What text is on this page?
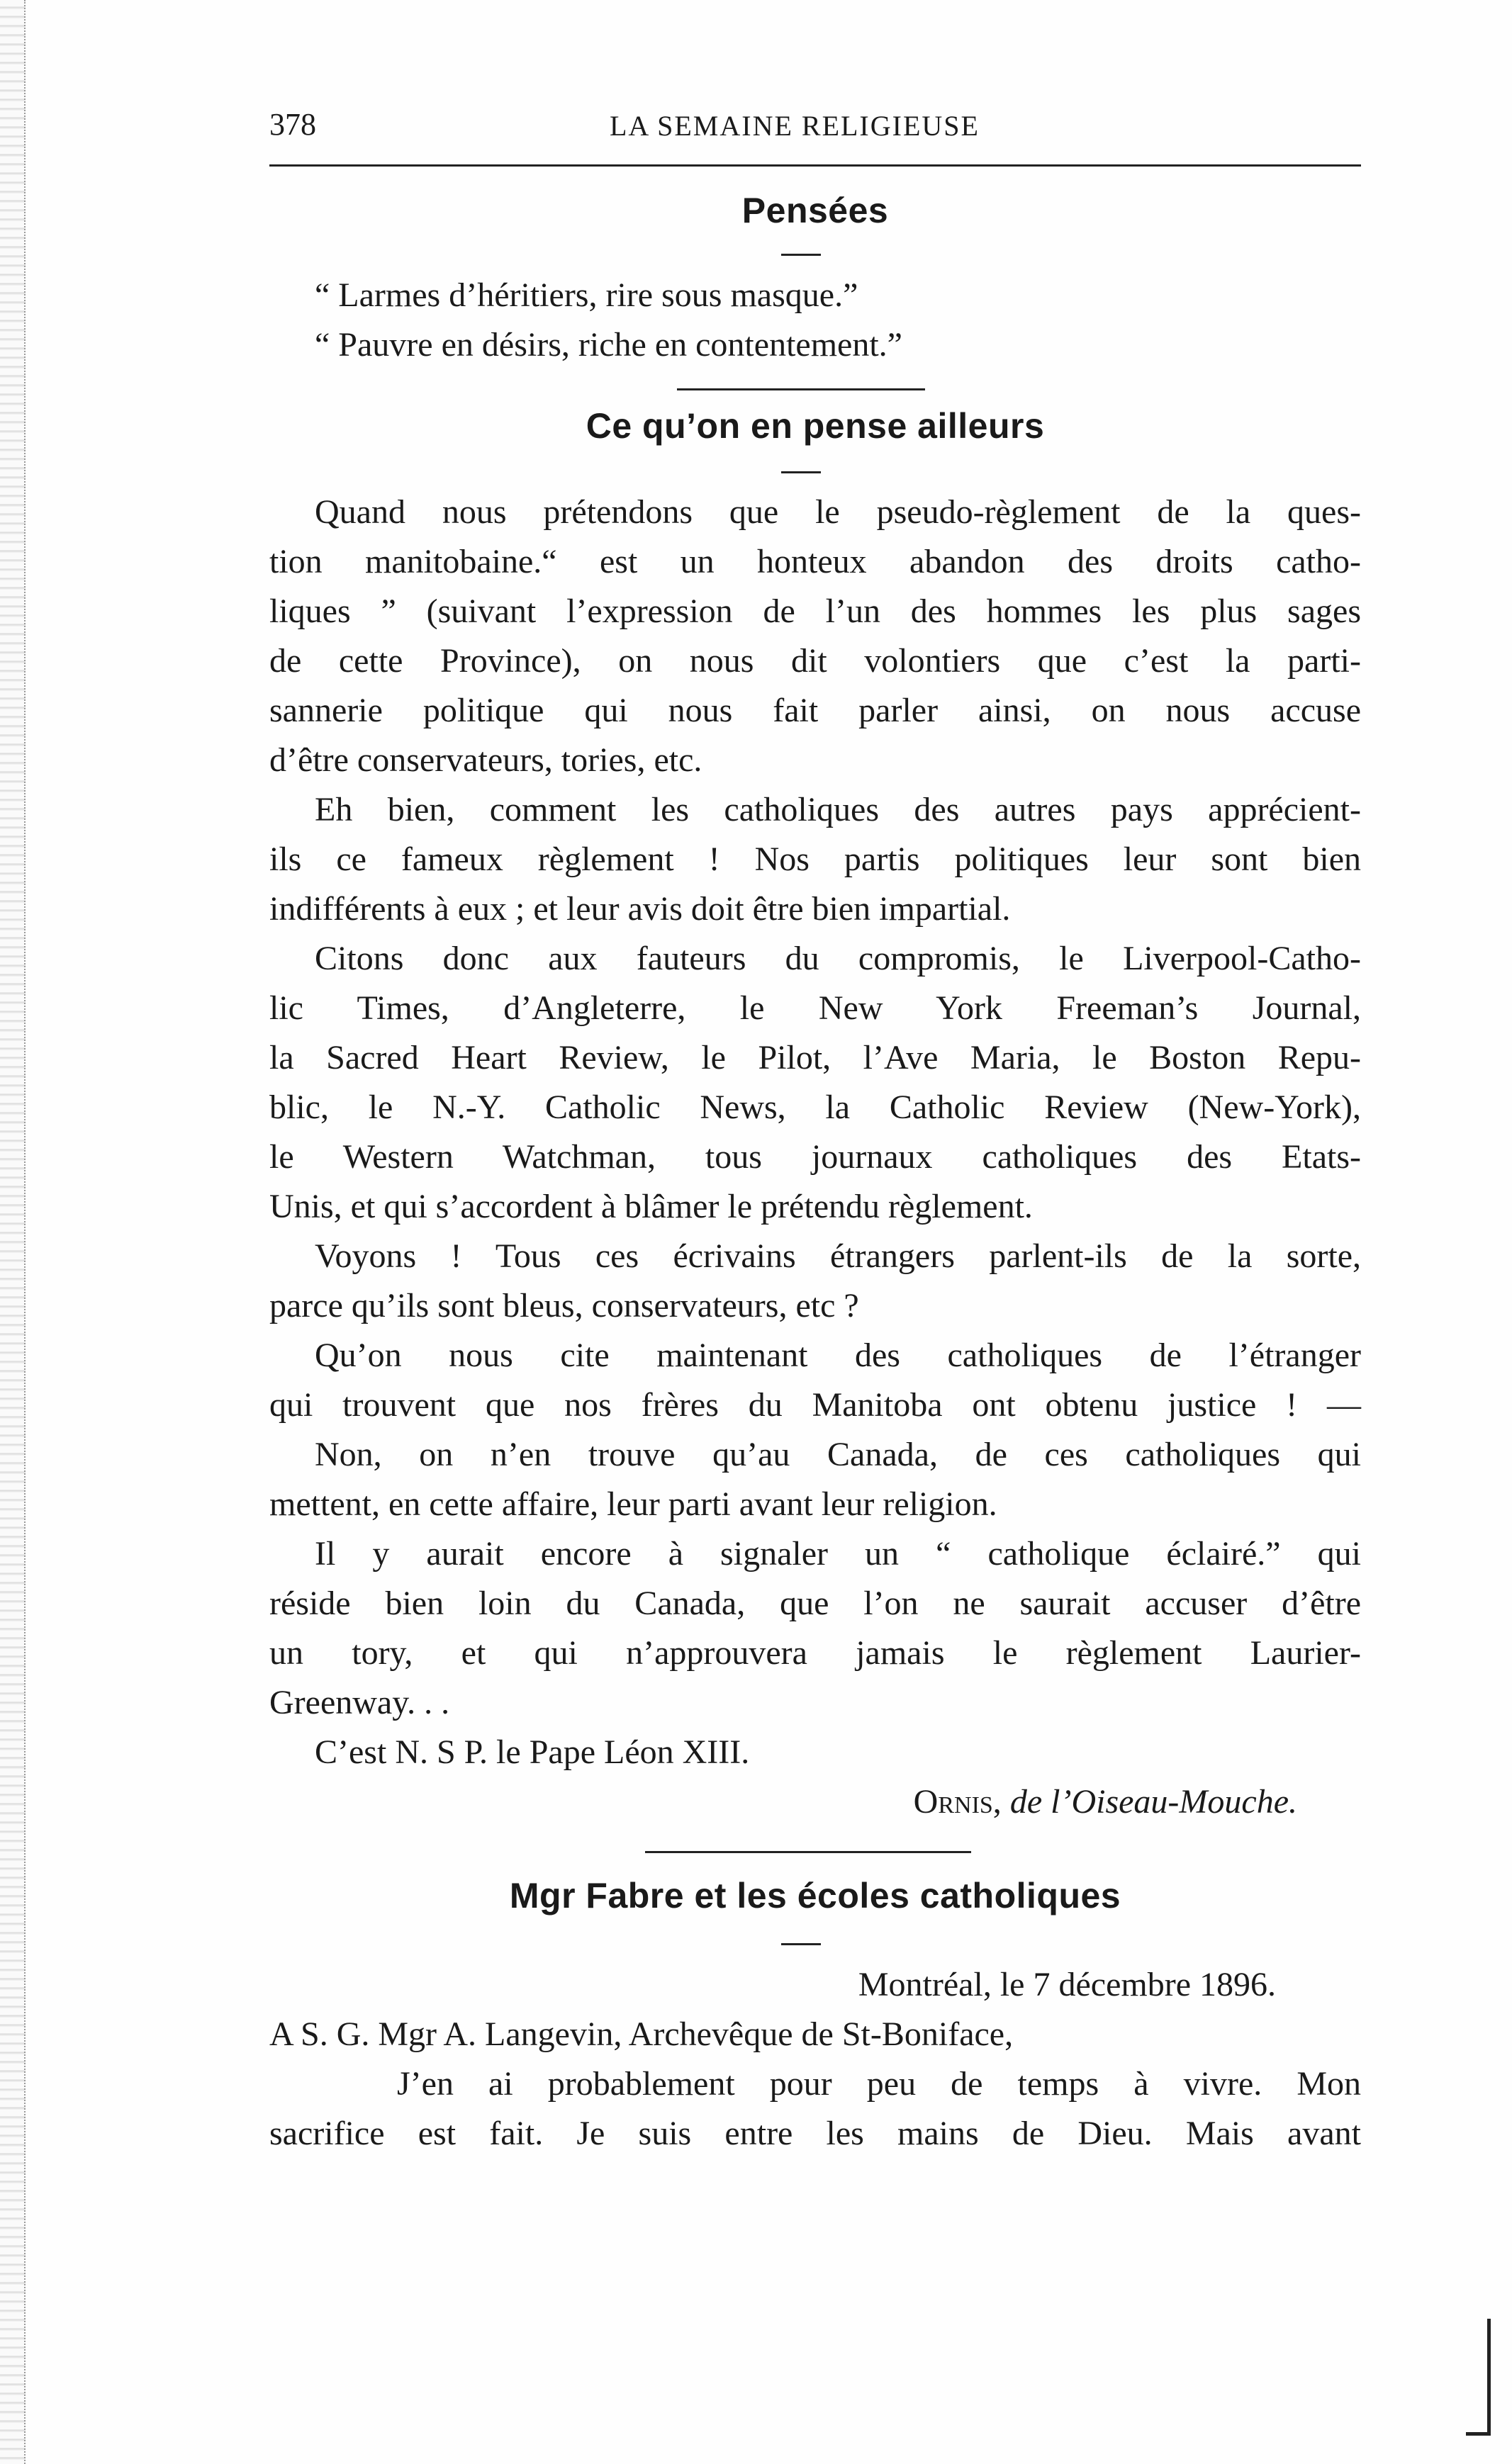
378	LA SEMAINE RELIGIEUSE
Pensées
“ Larmes d’héritiers, rire sous masque.”
“ Pauvre en désirs, riche en contentement.”
Ce qu’on en pense ailleurs
Quand nous prétendons que le pseudo-règlement de la ques-
tion manitobaine.“ est un honteux abandon des droits catho-
liques ” (suivant l’expression de l’un des hommes les plus sages
de cette Province), on nous dit volontiers que c’est la parti-
sannerie politique qui nous fait parler ainsi, on nous accuse
d’être conservateurs, tories, etc.
Eh bien, comment les catholiques des autres pays apprécient-
ils ce fameux règlement ! Nos partis politiques leur sont bien
indifférents à eux ; et leur avis doit être bien impartial.
Citons donc aux fauteurs du compromis, le Liverpool-Catho-
lic Times, d’Angleterre, le New York Freeman’s Journal,
la Sacred Heart Review, le Pilot, l’Ave Maria, le Boston Repu-
blic, le N.-Y. Catholic News, la Catholic Review (New-York),
le Western Watchman, tous journaux catholiques des Etats-
Unis, et qui s’accordent à blâmer le prétendu règlement.
Voyons ! Tous ces écrivains étrangers parlent-ils de la sorte,
parce qu’ils sont bleus, conservateurs, etc ?
Qu’on nous cite maintenant des catholiques de l’étranger
qui trouvent que nos frères du Manitoba ont obtenu justice ! —
Non, on n’en trouve qu’au Canada, de ces catholiques qui
mettent, en cette affaire, leur parti avant leur religion.
Il y aurait encore à signaler un “ catholique éclairé.” qui
réside bien loin du Canada, que l’on ne saurait accuser d’être
un tory, et qui n’approuvera jamais le règlement Laurier-
Greenway. . .
C’est N. S P. le Pape Léon XIII.
Ornis, de l’Oiseau-Mouche.
Mgr Fabre et les écoles catholiques
Montréal, le 7 décembre 1896.
A S. G. Mgr A. Langevin, Archevêque de St-Boniface,
J’en ai probablement pour peu de temps à vivre. Mon
sacrifice est fait. Je suis entre les mains de Dieu. Mais avant
